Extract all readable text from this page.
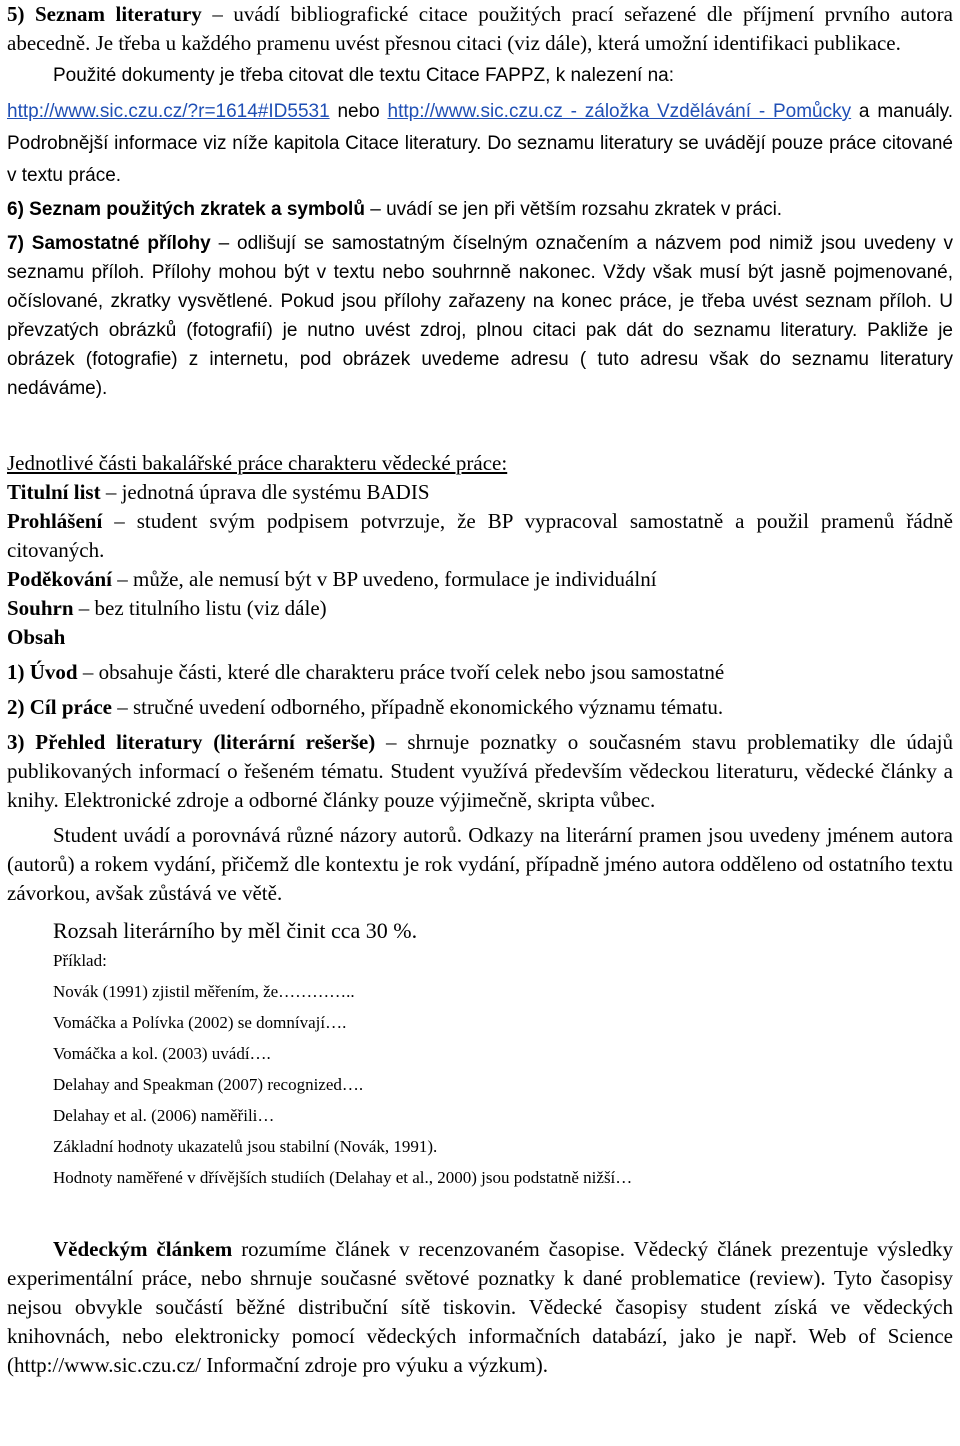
5) Seznam literatury – uvádí bibliografické citace použitých prací seřazené dle příjmení prvního autora abecedně. Je třeba u každého pramenu uvést přesnou citaci (viz dále), která umožní identifikaci publikace.

Použité dokumenty je třeba citovat dle textu Citace FAPPZ, k nalezení na:

http://www.sic.czu.cz/?r=1614#ID5531 nebo http://www.sic.czu.cz - záložka Vzdělávání - Pomůcky a manuály. Podrobnější informace viz níže kapitola Citace literatury. Do seznamu literatury se uvádějí pouze práce citované v textu práce.

6) Seznam použitých zkratek a symbolů – uvádí se jen při větším rozsahu zkratek v práci.

7) Samostatné přílohy – odlišují se samostatným číselným označením a názvem pod nimiž jsou uvedeny v seznamu příloh. Přílohy mohou být v textu nebo souhrnně nakonec. Vždy však musí být jasně pojmenované, očíslované, zkratky vysvětlené. Pokud jsou přílohy zařazeny na konec práce, je třeba uvést seznam příloh. U převzatých obrázků (fotografií) je nutno uvést zdroj, plnou citaci pak dát do seznamu literatury. Pakliže je obrázek (fotografie) z internetu, pod obrázek uvedeme adresu ( tuto adresu však do seznamu literatury nedáváme).

Jednotlivé části bakalářské práce charakteru vědecké práce:

Titulní list – jednotná úprava dle systému BADIS

Prohlášení – student svým podpisem potvrzuje, že BP vypracoval samostatně a použil pramenů řádně citovaných.

Poděkování – může, ale nemusí být v BP uvedeno, formulace je individuální

Souhrn – bez titulního listu (viz dále)

Obsah

1) Úvod – obsahuje části, které dle charakteru práce tvoří celek nebo jsou samostatné

2) Cíl práce – stručné uvedení odborného, případně ekonomického významu tématu.

3) Přehled literatury (literární rešerše) – shrnuje poznatky o současném stavu problematiky dle údajů publikovaných informací o řešeném tématu. Student využívá především vědeckou literaturu, vědecké články a knihy. Elektronické zdroje a odborné články pouze výjimečně, skripta vůbec.

Student uvádí a porovnává různé názory autorů. Odkazy na literární pramen jsou uvedeny jménem autora (autorů) a rokem vydání, přičemž dle kontextu je rok vydání, případně jméno autora odděleno od ostatního textu závorkou, avšak zůstává ve větě.

Rozsah literárního by měl činit cca 30 %.

Příklad:

Novák (1991) zjistil měřením, že…………..

Vomáčka a Polívka (2002) se domnívají….

Vomáčka a kol. (2003) uvádí….

Delahay and Speakman (2007) recognized….

Delahay et al. (2006) naměřili…

Základní hodnoty ukazatelů jsou stabilní (Novák, 1991).

Hodnoty naměřené v dřívějších studiích (Delahay et al., 2000) jsou podstatně nižší…

Vědeckým článkem rozumíme článek v recenzovaném časopise. Vědecký článek prezentuje výsledky experimentální práce, nebo shrnuje současné světové poznatky k dané problematice (review). Tyto časopisy nejsou obvykle součástí běžné distribuční sítě tiskovin. Vědecké časopisy student získá ve vědeckých knihovnách, nebo elektronicky pomocí vědeckých informačních databází, jako je např. Web of Science (http://www.sic.czu.cz/ Informační zdroje pro výuku a výzkum).
